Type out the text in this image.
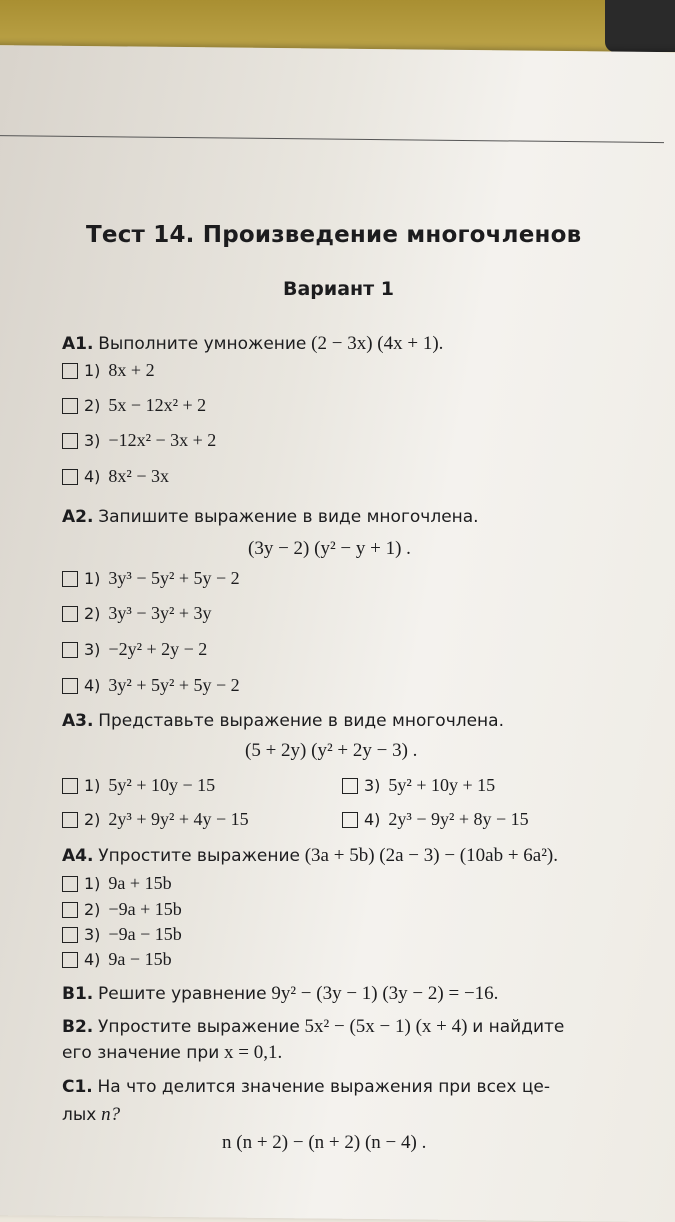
Тест 14. Произведение многочленов
Вариант 1
А1. Выполните умножение (2 − 3x) (4x + 1).
1) 8x + 2
2) 5x − 12x² + 2
3) −12x² − 3x + 2
4) 8x² − 3x
А2. Запишите выражение в виде многочлена.
(3y − 2) (y² − y + 1) .
1) 3y³ − 5y² + 5y − 2
2) 3y³ − 3y² + 3y
3) −2y² + 2y − 2
4) 3y² + 5y² + 5y − 2
А3. Представьте выражение в виде многочлена.
(5 + 2y) (y² + 2y − 3) .
1) 5y² + 10y − 15	3) 5y² + 10y + 15
2) 2y³ + 9y² + 4y − 15	4) 2y³ − 9y² + 8y − 15
А4. Упростите выражение (3a + 5b) (2a − 3) − (10ab + 6a²).
1) 9a + 15b
2) −9a + 15b
3) −9a − 15b
4) 9a − 15b
В1. Решите уравнение 9y² − (3y − 1) (3y − 2) = −16.
В2. Упростите выражение 5x² − (5x − 1) (x + 4) и найдите
его значение при x = 0,1.
С1. На что делится значение выражения при всех це-
лых n?
n (n + 2) − (n + 2) (n − 4) .
